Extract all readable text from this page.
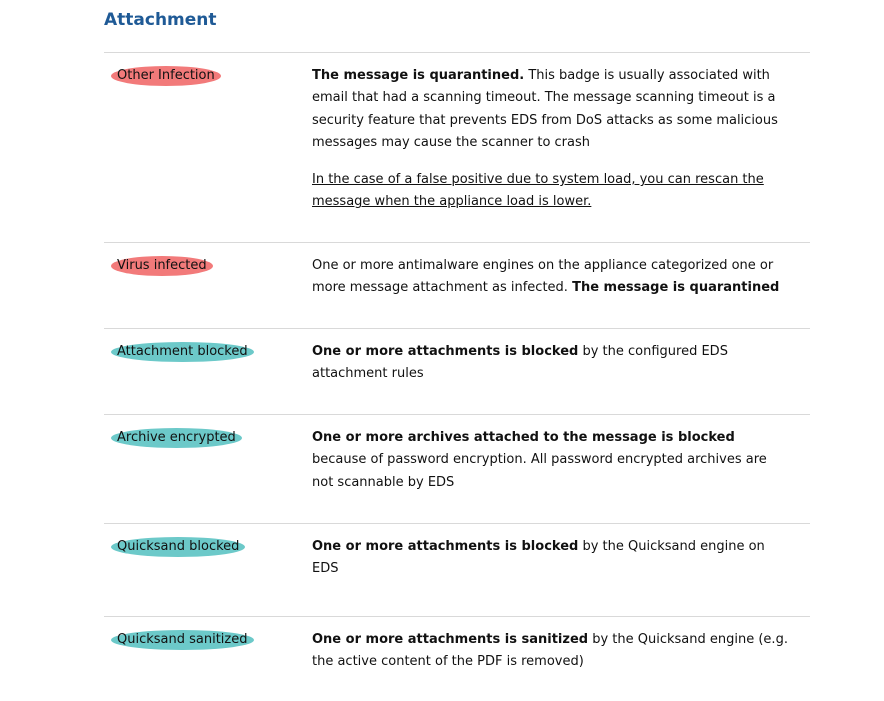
Attachment
Other Infection	The message is quarantined. This badge is usually associated with email that had a scanning timeout. The message scanning timeout is a security feature that prevents EDS from DoS attacks as some malicious messages may cause the scanner to crash

In the case of a false positive due to system load, you can rescan the message when the appliance load is lower.

Virus infected	One or more antimalware engines on the appliance categorized one or more message attachment as infected. The message is quarantined

Attachment blocked	One or more attachments is blocked by the configured EDS attachment rules

Archive encrypted	One or more archives attached to the message is blocked because of password encryption. All password encrypted archives are not scannable by EDS

Quicksand blocked	One or more attachments is blocked by the Quicksand engine on EDS

Quicksand sanitized	One or more attachments is sanitized by the Quicksand engine (e.g. the active content of the PDF is removed)
